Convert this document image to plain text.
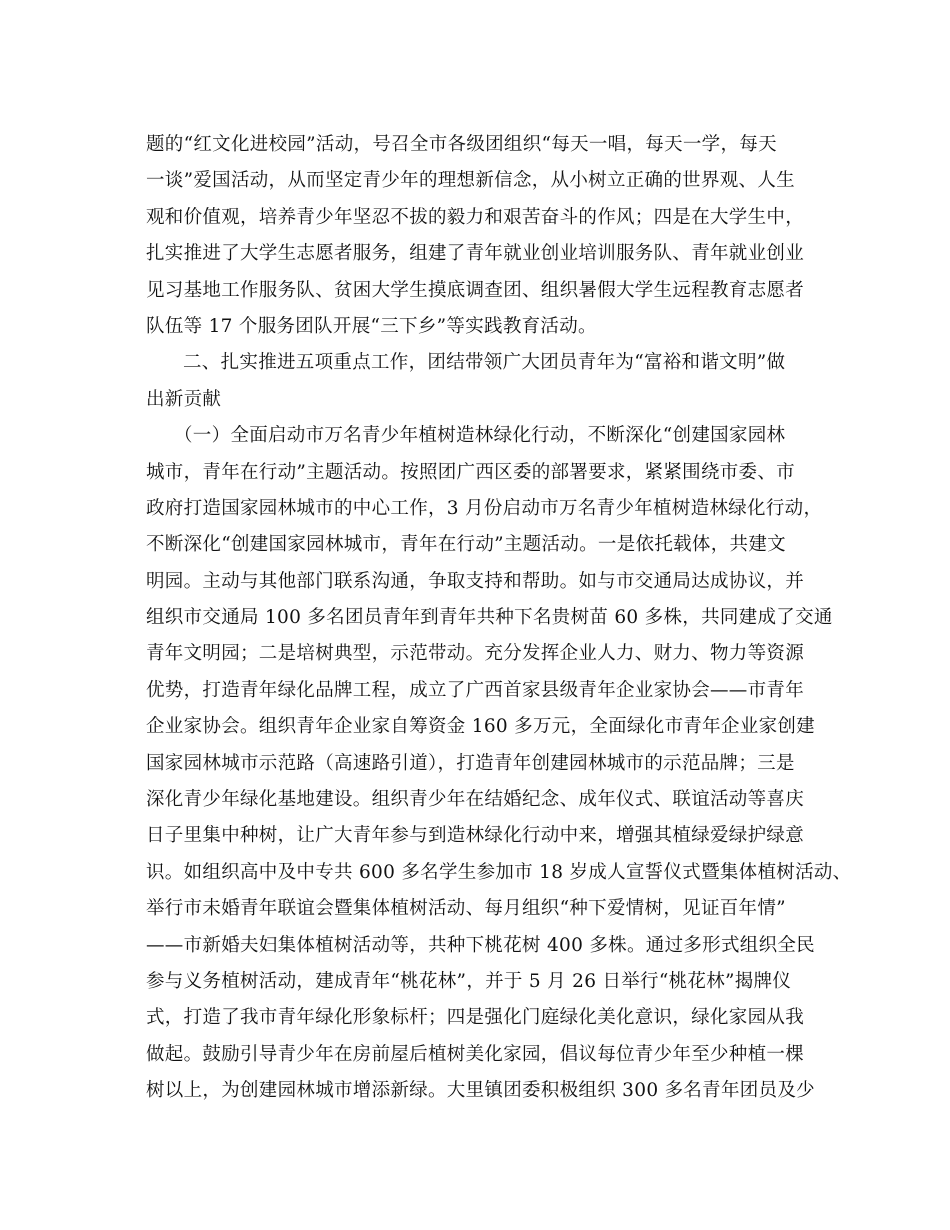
题的“红文化进校园”活动，号召全市各级团组织“每天一唱，每天一学，每天
一谈”爱国活动，从而坚定青少年的理想新信念，从小树立正确的世界观、人生
观和价值观，培养青少年坚忍不拔的毅力和艰苦奋斗的作风；四是在大学生中，
扎实推进了大学生志愿者服务，组建了青年就业创业培训服务队、青年就业创业
见习基地工作服务队、贫困大学生摸底调查团、组织暑假大学生远程教育志愿者
队伍等 17 个服务团队开展“三下乡”等实践教育活动。
二、扎实推进五项重点工作，团结带领广大团员青年为“富裕和谐文明”做
出新贡献
（一）全面启动市万名青少年植树造林绿化行动，不断深化“创建国家园林
城市，青年在行动”主题活动。按照团广西区委的部署要求，紧紧围绕市委、市
政府打造国家园林城市的中心工作，3 月份启动市万名青少年植树造林绿化行动，
不断深化“创建国家园林城市，青年在行动”主题活动。一是依托载体，共建文
明园。主动与其他部门联系沟通，争取支持和帮助。如与市交通局达成协议，并
组织市交通局 100 多名团员青年到青年共种下名贵树苗 60 多株，共同建成了交通
青年文明园；二是培树典型，示范带动。充分发挥企业人力、财力、物力等资源
优势，打造青年绿化品牌工程，成立了广西首家县级青年企业家协会——市青年
企业家协会。组织青年企业家自筹资金 160 多万元，全面绿化市青年企业家创建
国家园林城市示范路（高速路引道），打造青年创建园林城市的示范品牌；三是
深化青少年绿化基地建设。组织青少年在结婚纪念、成年仪式、联谊活动等喜庆
日子里集中种树，让广大青年参与到造林绿化行动中来，增强其植绿爱绿护绿意
识。如组织高中及中专共 600 多名学生参加市 18 岁成人宣誓仪式暨集体植树活动、
举行市未婚青年联谊会暨集体植树活动、每月组织“种下爱情树，见证百年情”
——市新婚夫妇集体植树活动等，共种下桃花树 400 多株。通过多形式组织全民
参与义务植树活动，建成青年“桃花林”，并于 5 月 26 日举行“桃花林”揭牌仪
式，打造了我市青年绿化形象标杆；四是强化门庭绿化美化意识，绿化家园从我
做起。鼓励引导青少年在房前屋后植树美化家园，倡议每位青少年至少种植一棵
树以上，为创建园林城市增添新绿。大里镇团委积极组织 300 多名青年团员及少
